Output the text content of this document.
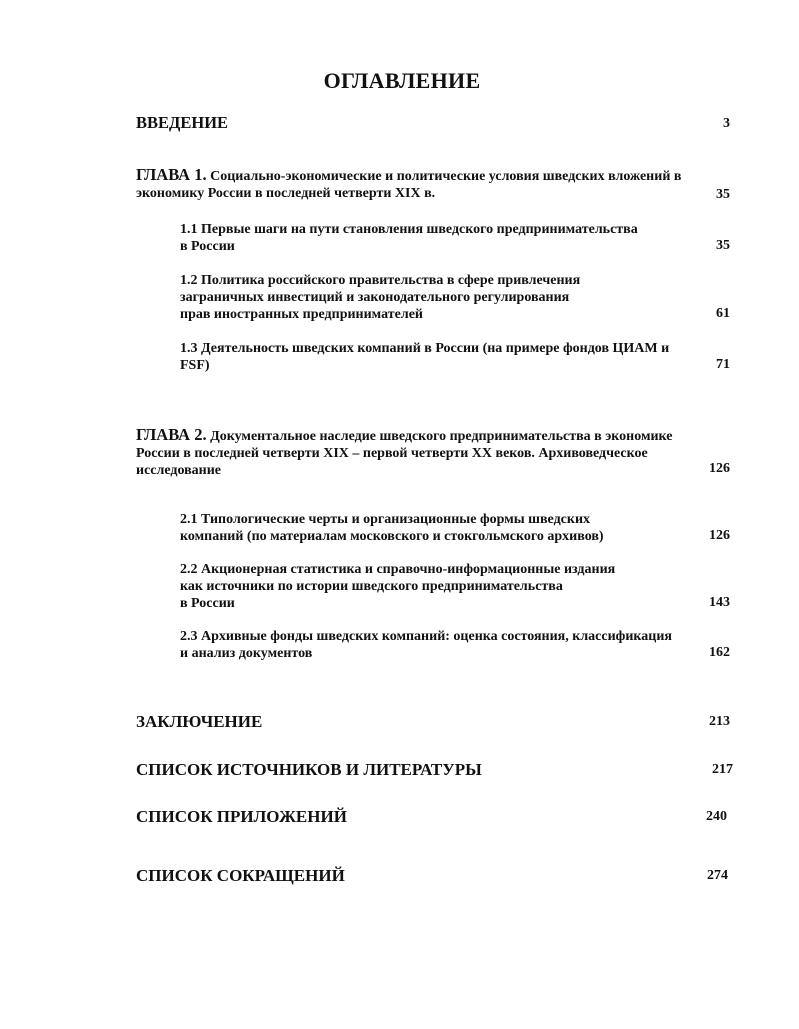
ОГЛАВЛЕНИЕ
ВВЕДЕНИЕ	3
ГЛАВА 1. Социально-экономические и политические условия шведских вложений в
экономику России в последней четверти XIX в.	35
1.1 Первые шаги на пути становления шведского предпринимательства
в России	35
1.2 Политика российского правительства в сфере привлечения
заграничных инвестиций и законодательного регулирования
прав иностранных предпринимателей	61
1.3 Деятельность шведских компаний в России (на примере фондов ЦИАМ и
FSF)	71
ГЛАВА 2. Документальное наследие шведского предпринимательства в экономике
России в последней четверти XIX – первой четверти XX веков. Архивоведческое
исследование	126
2.1 Типологические черты и организационные формы шведских
компаний (по материалам московского и стокгольмского архивов)	126
2.2 Акционерная статистика и справочно-информационные издания
как источники по истории шведского предпринимательства
в России	143
2.3 Архивные фонды шведских компаний: оценка состояния, классификация
и анализ документов	162
ЗАКЛЮЧЕНИЕ	213
СПИСОК ИСТОЧНИКОВ И ЛИТЕРАТУРЫ	217
СПИСОК ПРИЛОЖЕНИЙ	240
СПИСОК СОКРАЩЕНИЙ	274
